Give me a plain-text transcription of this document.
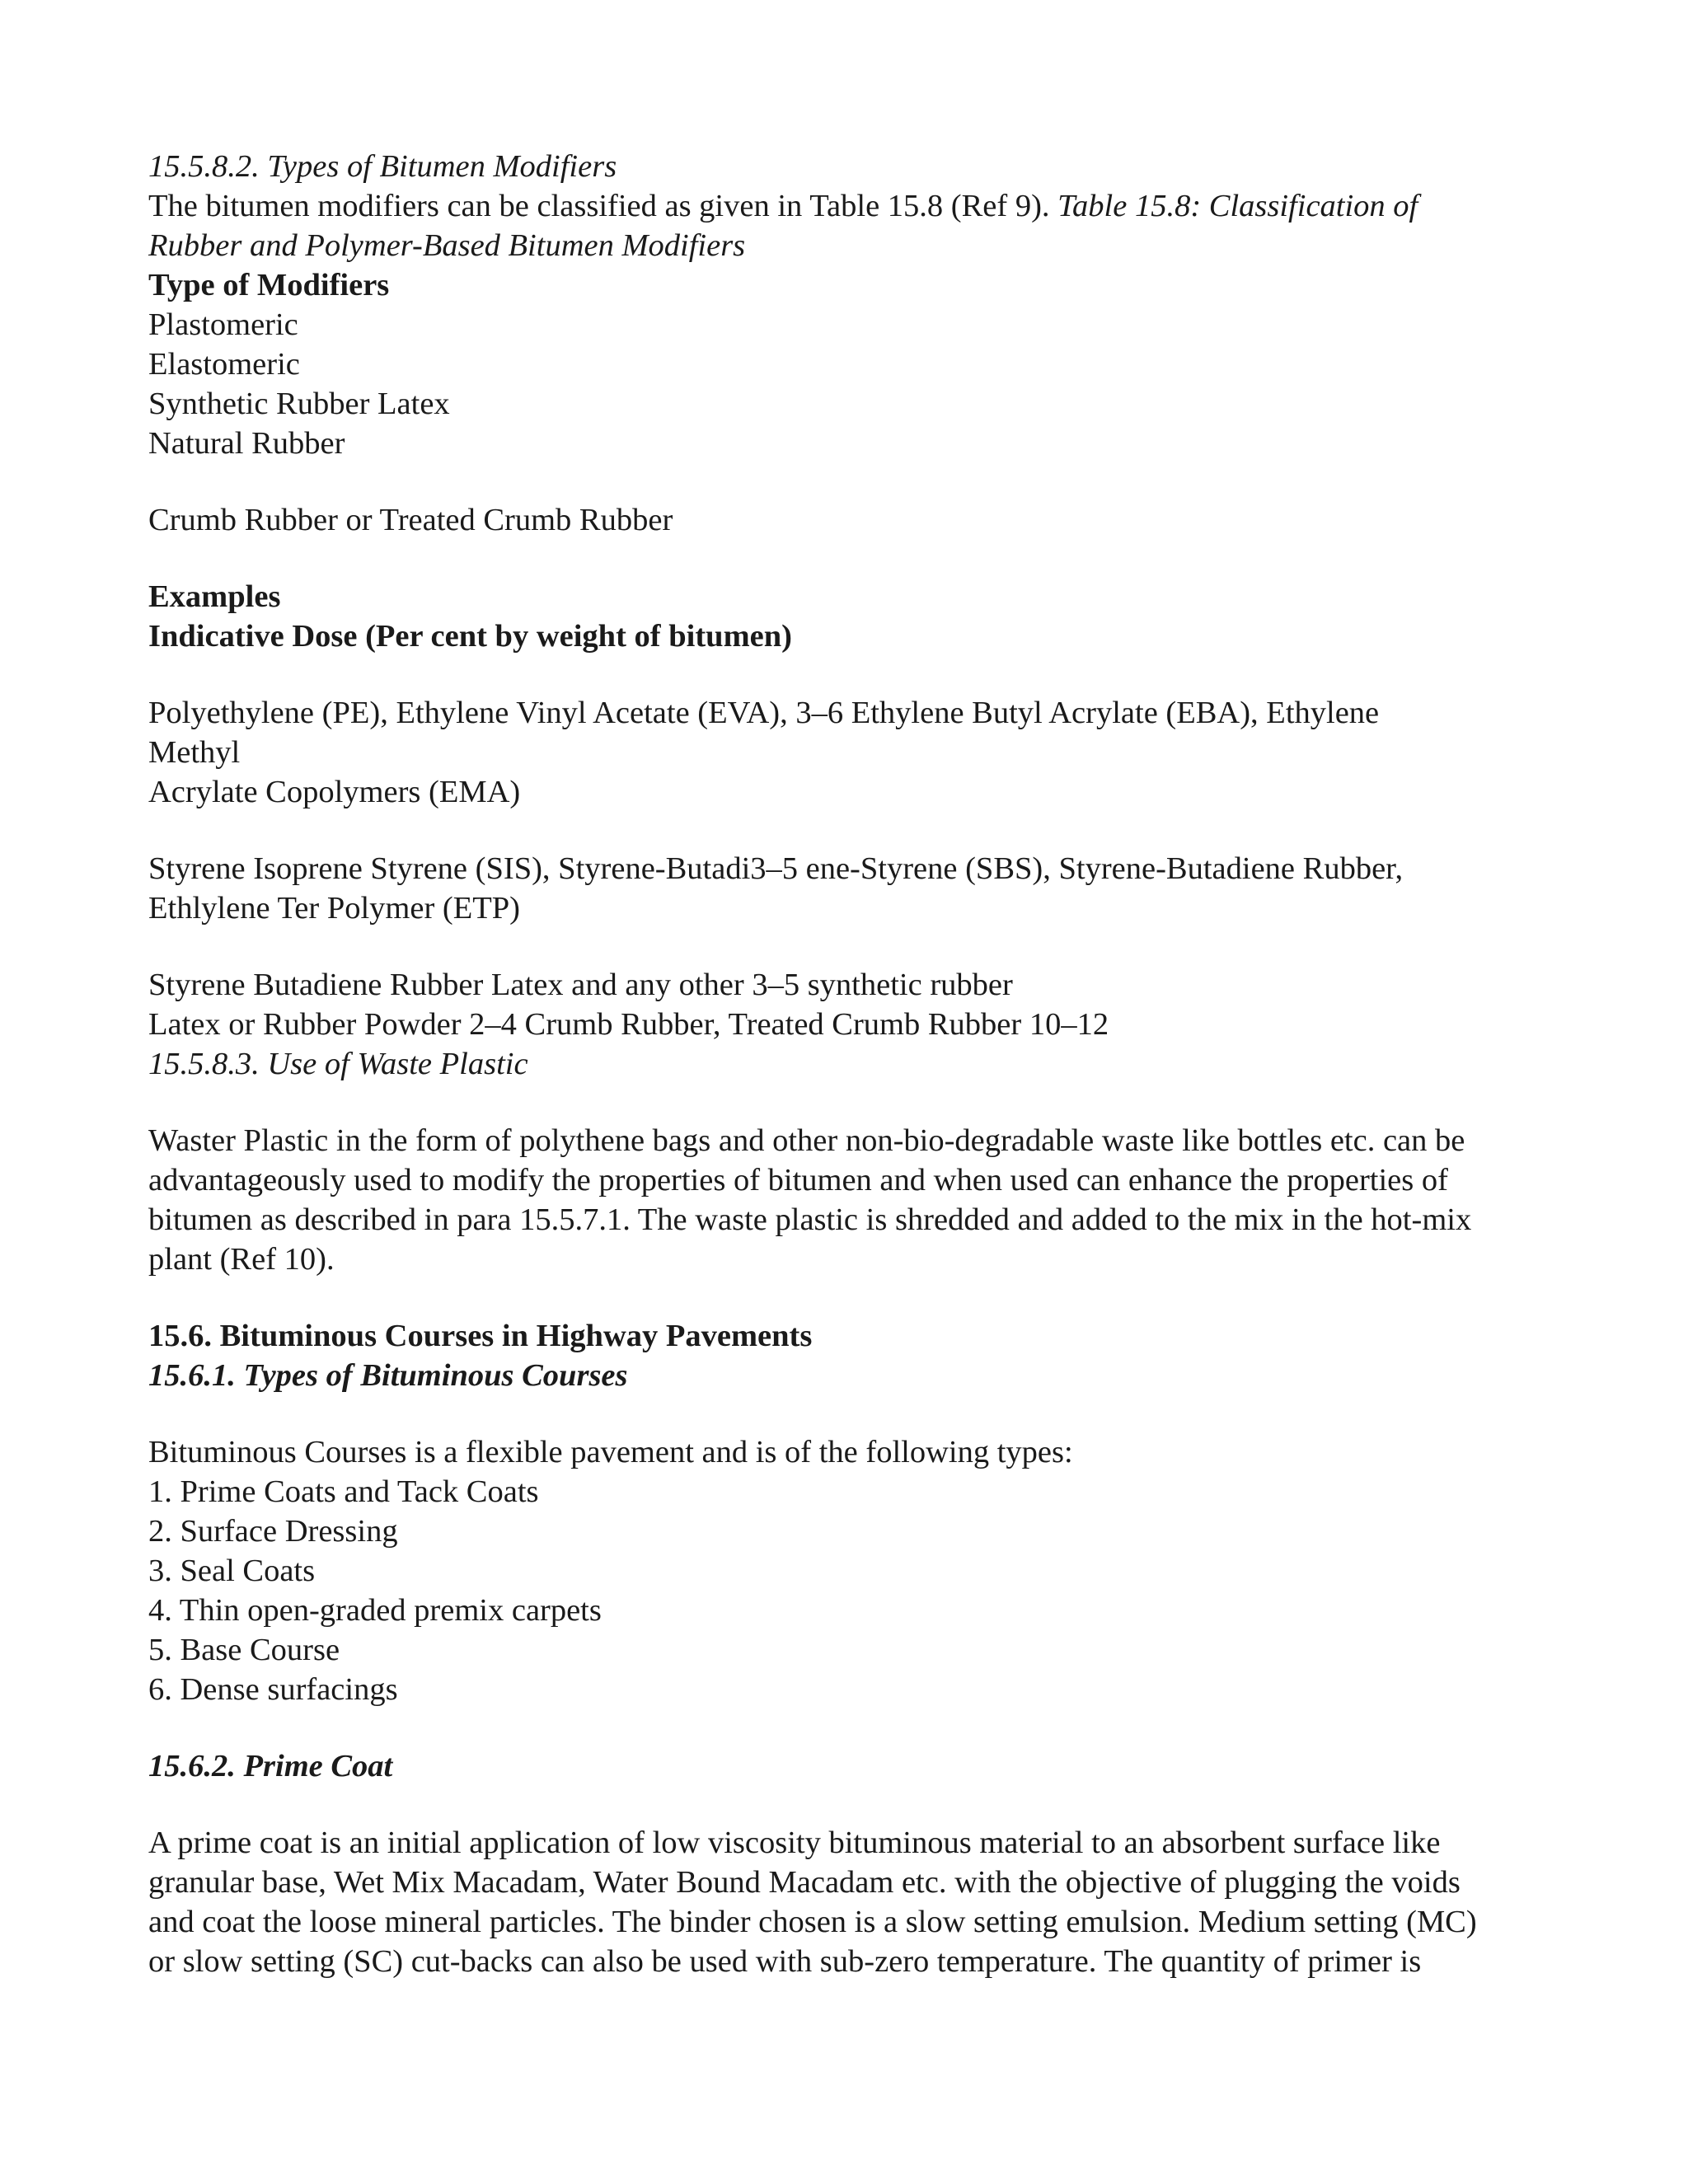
15.5.8.2. Types of Bitumen Modifiers
The bitumen modifiers can be classified as given in Table 15.8 (Ref 9). Table 15.8: Classification of
Rubber and Polymer-Based Bitumen Modifiers
Type of Modifiers
Plastomeric
Elastomeric
Synthetic Rubber Latex
Natural Rubber
Crumb Rubber or Treated Crumb Rubber
Examples
Indicative Dose (Per cent by weight of bitumen)
Polyethylene (PE), Ethylene Vinyl Acetate (EVA), 3–6 Ethylene Butyl Acrylate (EBA), Ethylene
Methyl
Acrylate Copolymers (EMA)
Styrene Isoprene Styrene (SIS), Styrene-Butadi3–5 ene-Styrene (SBS), Styrene-Butadiene Rubber,
Ethlylene Ter Polymer (ETP)
Styrene Butadiene Rubber Latex and any other 3–5 synthetic rubber
Latex or Rubber Powder 2–4 Crumb Rubber, Treated Crumb Rubber 10–12
15.5.8.3. Use of Waste Plastic
Waster Plastic in the form of polythene bags and other non-bio-degradable waste like bottles etc. can be
advantageously used to modify the properties of bitumen and when used can enhance the properties of
bitumen as described in para 15.5.7.1. The waste plastic is shredded and added to the mix in the hot-mix
plant (Ref 10).
15.6. Bituminous Courses in Highway Pavements
15.6.1. Types of Bituminous Courses
Bituminous Courses is a flexible pavement and is of the following types:
1. Prime Coats and Tack Coats
2. Surface Dressing
3. Seal Coats
4. Thin open-graded premix carpets
5. Base Course
6. Dense surfacings
15.6.2. Prime Coat
A prime coat is an initial application of low viscosity bituminous material to an absorbent surface like
granular base, Wet Mix Macadam, Water Bound Macadam etc. with the objective of plugging the voids
and coat the loose mineral particles. The binder chosen is a slow setting emulsion. Medium setting (MC)
or slow setting (SC) cut-backs can also be used with sub-zero temperature. The quantity of primer is
